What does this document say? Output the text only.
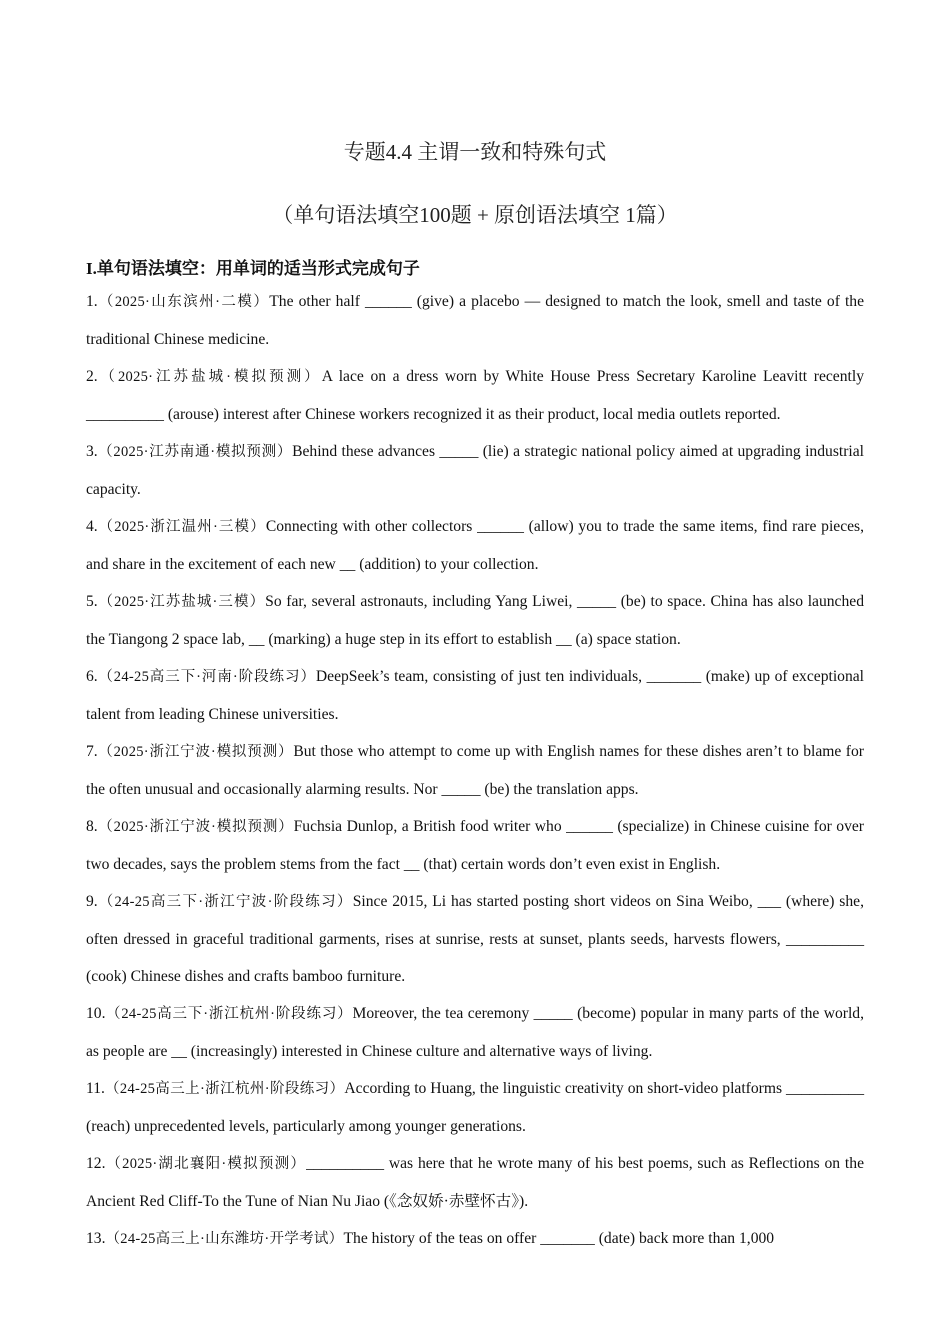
专题4.4 主谓一致和特殊句式
（单句语法填空100题 + 原创语法填空 1篇）
I.单句语法填空：用单词的适当形式完成句子

1.（2025·山东滨州·二模）The other half ______ (give) a placebo — designed to match the look, smell and taste of the traditional Chinese medicine.

2.（2025·江苏盐城·模拟预测）A lace on a dress worn by White House Press Secretary Karoline Leavitt recently __________ (arouse) interest after Chinese workers recognized it as their product, local media outlets reported.

3.（2025·江苏南通·模拟预测）Behind these advances _____ (lie) a strategic national policy aimed at upgrading industrial capacity.

4.（2025·浙江温州·三模）Connecting with other collectors ______ (allow) you to trade the same items, find rare pieces, and share in the excitement of each new __ (addition) to your collection.

5.（2025·江苏盐城·三模）So far, several astronauts, including Yang Liwei, _____ (be) to space. China has also launched the Tiangong 2 space lab, __ (marking) a huge step in its effort to establish __ (a) space station.

6.（24-25高三下·河南·阶段练习）DeepSeek’s team, consisting of just ten individuals, _______ (make) up of exceptional talent from leading Chinese universities.

7.（2025·浙江宁波·模拟预测）But those who attempt to come up with English names for these dishes aren’t to blame for the often unusual and occasionally alarming results. Nor _____ (be) the translation apps.

8.（2025·浙江宁波·模拟预测）Fuchsia Dunlop, a British food writer who ______ (specialize) in Chinese cuisine for over two decades, says the problem stems from the fact __ (that) certain words don’t even exist in English.

9.（24-25高三下·浙江宁波·阶段练习）Since 2015, Li has started posting short videos on Sina Weibo, ___ (where) she, often dressed in graceful traditional garments, rises at sunrise, rests at sunset, plants seeds, harvests flowers, __________ (cook) Chinese dishes and crafts bamboo furniture.

10.（24-25高三下·浙江杭州·阶段练习）Moreover, the tea ceremony _____ (become) popular in many parts of the world, as people are __ (increasingly) interested in Chinese culture and alternative ways of living.

11.（24-25高三上·浙江杭州·阶段练习）According to Huang, the linguistic creativity on short-video platforms __________ (reach) unprecedented levels, particularly among younger generations.

12.（2025·湖北襄阳·模拟预测）__________ was here that he wrote many of his best poems, such as Reflections on the Ancient Red Cliff-To the Tune of Nian Nu Jiao (《念奴娇·赤壁怀古》).

13.（24-25高三上·山东潍坊·开学考试）The history of the teas on offer _______ (date) back more than 1,000
